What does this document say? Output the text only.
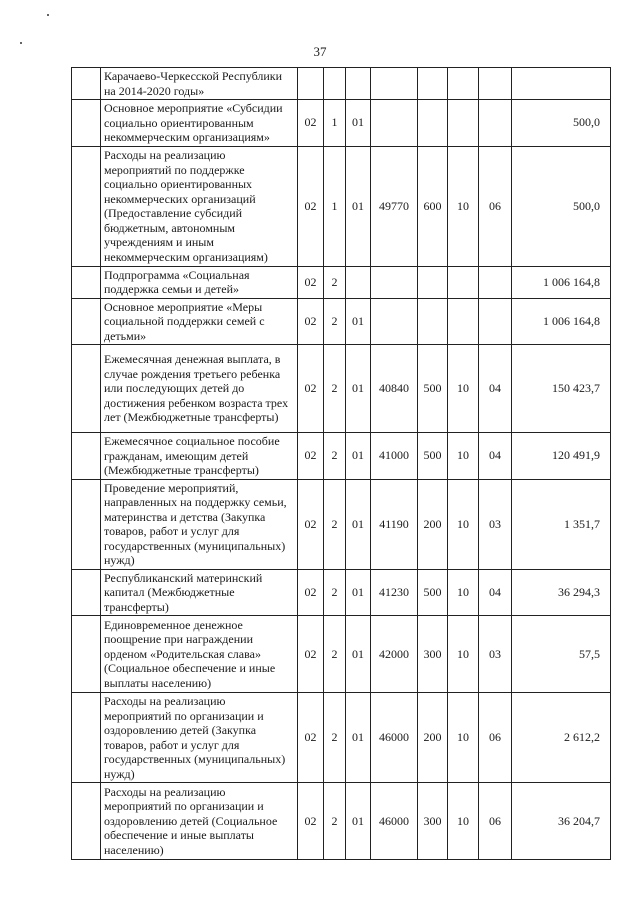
37
	Карачаево-Черкесской Республики на 2014-2020 годы»								
	Основное мероприятие «Субсидии социально ориентированным некоммерческим организациям»	02	1	01					500,0
	Расходы на реализацию мероприятий по поддержке социально ориентированных некоммерческих организаций (Предоставление субсидий бюджетным, автономным учреждениям и иным некоммерческим организациям)	02	1	01	49770	600	10	06	500,0
	Подпрограмма «Социальная поддержка семьи и детей»	02	2						1 006 164,8
	Основное мероприятие «Меры социальной поддержки семей с детьми»	02	2	01					1 006 164,8
	Ежемесячная денежная выплата, в случае рождения третьего ребенка или последующих детей до достижения ребенком возраста трех лет (Межбюджетные трансферты)	02	2	01	40840	500	10	04	150 423,7
	Ежемесячное социальное пособие гражданам, имеющим детей (Межбюджетные трансферты)	02	2	01	41000	500	10	04	120 491,9
	Проведение мероприятий, направленных на поддержку семьи, материнства и детства (Закупка товаров, работ и услуг для государственных (муниципальных) нужд)	02	2	01	41190	200	10	03	1 351,7
	Республиканский материнский капитал (Межбюджетные трансферты)	02	2	01	41230	500	10	04	36 294,3
	Единовременное денежное поощрение при награждении орденом «Родительская слава» (Социальное обеспечение и иные выплаты населению)	02	2	01	42000	300	10	03	57,5
	Расходы на реализацию мероприятий по организации и оздоровлению детей (Закупка товаров, работ и услуг для государственных (муниципальных) нужд)	02	2	01	46000	200	10	06	2 612,2
	Расходы на реализацию мероприятий по организации и оздоровлению детей (Социальное обеспечение и иные выплаты населению)	02	2	01	46000	300	10	06	36 204,7
